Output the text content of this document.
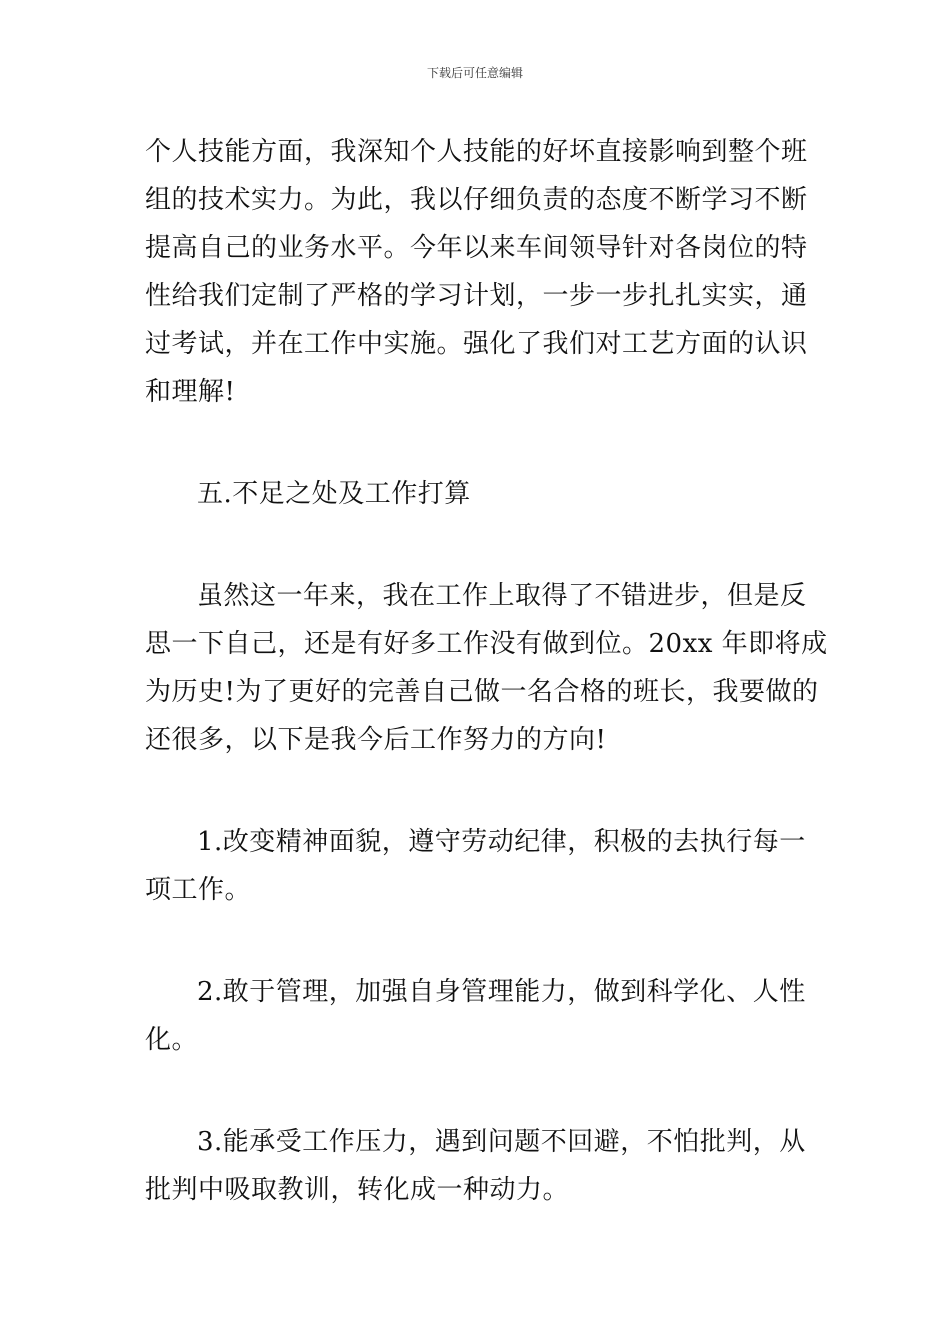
下载后可任意编辑
个人技能方面，我深知个人技能的好坏直接影响到整个班
组的技术实力。为此，我以仔细负责的态度不断学习不断
提高自己的业务水平。今年以来车间领导针对各岗位的特
性给我们定制了严格的学习计划，一步一步扎扎实实，通
过考试，并在工作中实施。强化了我们对工艺方面的认识
和理解!
五.不足之处及工作打算
虽然这一年来，我在工作上取得了不错进步，但是反
思一下自己，还是有好多工作没有做到位。20xx 年即将成
为历史!为了更好的完善自己做一名合格的班长，我要做的
还很多，以下是我今后工作努力的方向!
1.改变精神面貌，遵守劳动纪律，积极的去执行每一
项工作。
2.敢于管理，加强自身管理能力，做到科学化、人性
化。
3.能承受工作压力，遇到问题不回避，不怕批判，从
批判中吸取教训，转化成一种动力。
